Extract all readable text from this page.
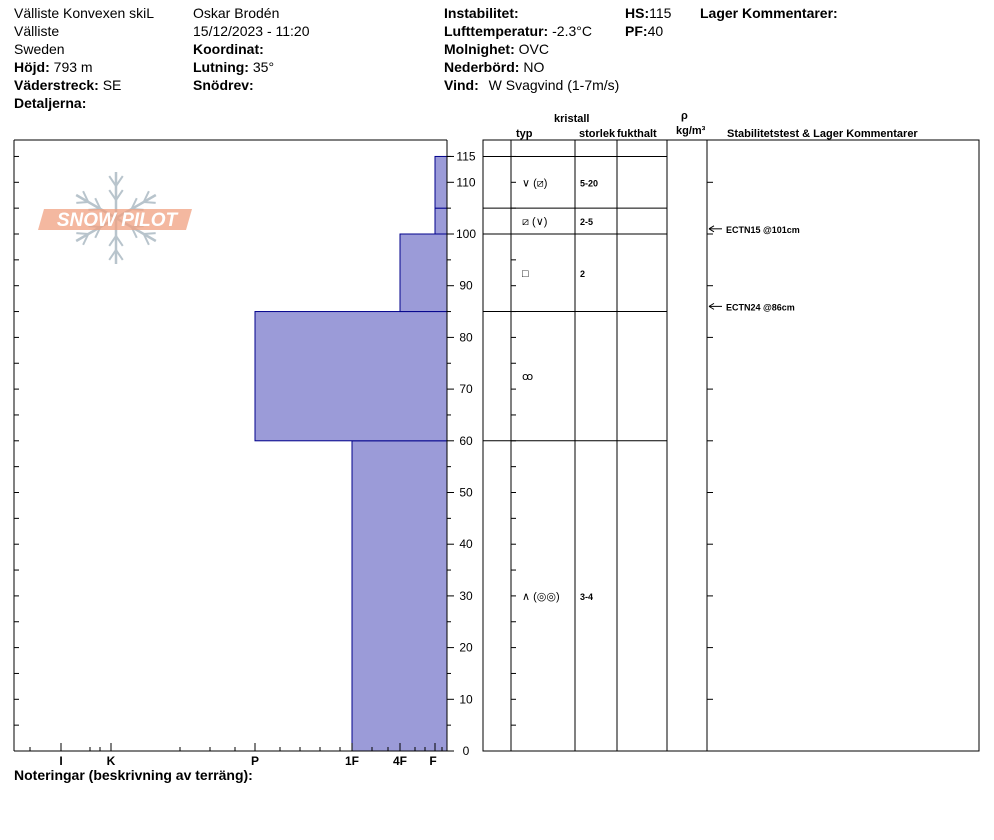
Välliste Konvexen skiL
Välliste
Sweden
Höjd: 793 m
Väderstreck: SE
Detaljerna:
Oskar Brodén
15/12/2023 - 11:20
Koordinat:
Lutning: 35°
Snödrev:
Instabilitet:
Lufttemperatur: -2.3°C
Molnighet: OVC
Nederbörd: NO
Vind: W Svagvind (1-7m/s)
HS:115
PF:40
Lager Kommentarer:
kristall
typ	storlek fukthalt
ρ
kg/m³ Stabilitetstest & Lager Kommentarer
Noteringar (beskrivning av terräng):
SNOW PILOT
I	K	P	1F	4F F
0
10
20
30
40
50
60
70
80
90
100
110
115
∨ (⧄)	5-20
⧄ (∨)	2-5
□	2
ꝏ
∧ (◎◎) 3-4
ECTN15 @101cm
ECTN24 @86cm
